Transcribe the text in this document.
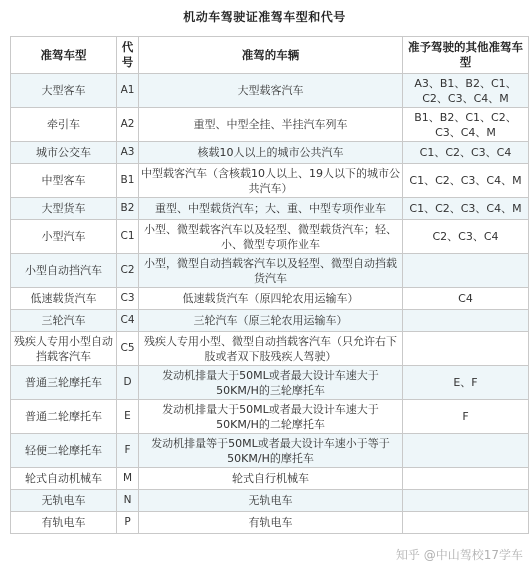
机动车驾驶证准驾车型和代号
准驾车型	代号	准驾的车辆	准予驾驶的其他准驾车型
大型客车	A1	大型载客汽车	A3、B1、B2、C1、C2、C3、C4、M
牵引车	A2	重型、中型全挂、半挂汽车列车	B1、B2、C1、C2、C3、C4、M
城市公交车	A3	核载10人以上的城市公共汽车	C1、C2、C3、C4
中型客车	B1	中型载客汽车（含核载10人以上、19人以下的城市公共汽车）	C1、C2、C3、C4、M
大型货车	B2	重型、中型载货汽车；大、重、中型专项作业车	C1、C2、C3、C4、M
小型汽车	C1	小型、微型载客汽车以及轻型、微型载货汽车；轻、小、微型专项作业车	C2、C3、C4
小型自动挡汽车	C2	小型，微型自动挡载客汽车以及轻型、微型自动挡载货汽车	
低速载货汽车	C3	低速载货汽车（原四轮农用运输车）	C4
三轮汽车	C4	三轮汽车（原三轮农用运输车）	
残疾人专用小型自动挡载客汽车	C5	残疾人专用小型、微型自动挡载客汽车（只允许右下肢或者双下肢残疾人驾驶）	
普通三轮摩托车	D	发动机排量大于50ML或者最大设计车速大于50KM/H的三轮摩托车	E、F
普通二轮摩托车	E	发动机排量大于50ML或者最大设计车速大于50KM/H的二轮摩托车	F
轻便二轮摩托车	F	发动机排量等于50ML或者最大设计车速小于等于50KM/H的摩托车	
轮式自动机械车	M	轮式自行机械车	
无轨电车	N	无轨电车	
有轨电车	P	有轨电车	
知乎 @中山驾校17学车
